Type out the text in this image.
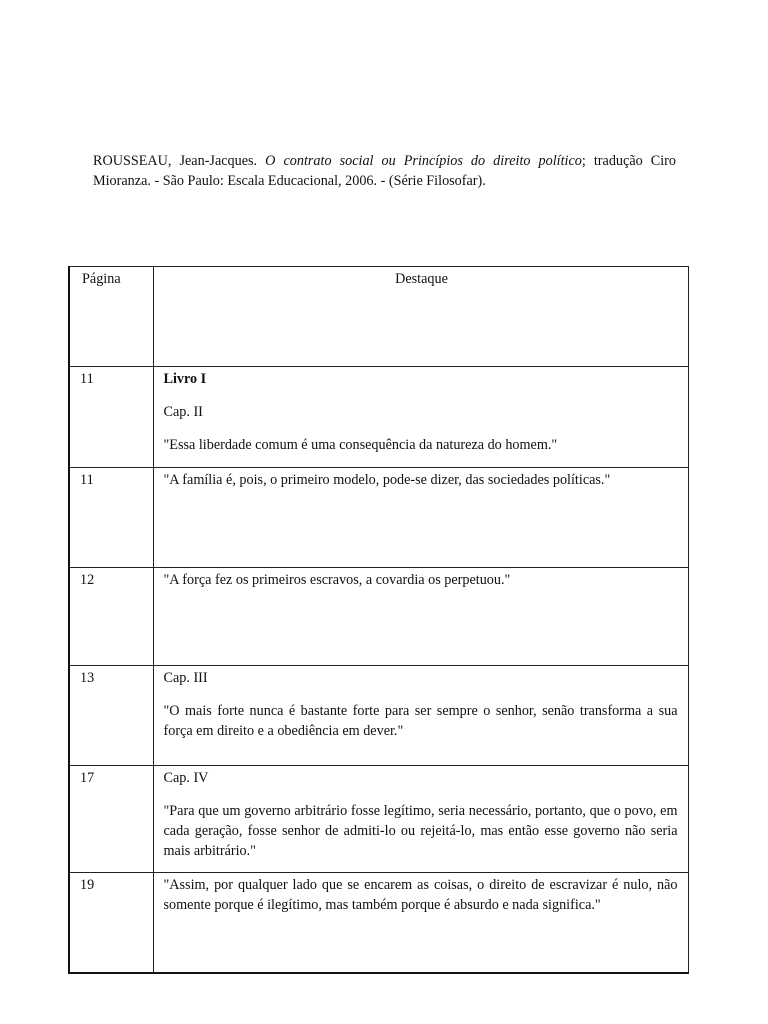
ROUSSEAU, Jean-Jacques. O contrato social ou Princípios do direito político; tradução Ciro Mioranza. - São Paulo: Escala Educacional, 2006. - (Série Filosofar).

Página	Destaque
11	Livro I

Cap. II

"Essa liberdade comum é uma consequência da natureza do homem."

11	"A família é, pois, o primeiro modelo, pode-se dizer, das sociedades políticas."

12	"A força fez os primeiros escravos, a covardia os perpetuou."

13	Cap. III

"O mais forte nunca é bastante forte para ser sempre o senhor, senão transforma a sua força em direito e a obediência em dever."

17	Cap. IV

"Para que um governo arbitrário fosse legítimo, seria necessário, portanto, que o povo, em cada geração, fosse senhor de admiti-lo ou rejeitá-lo, mas então esse governo não seria mais arbitrário."

19	"Assim, por qualquer lado que se encarem as coisas, o direito de escravizar é nulo, não somente porque é ilegítimo, mas também porque é absurdo e nada significa."
